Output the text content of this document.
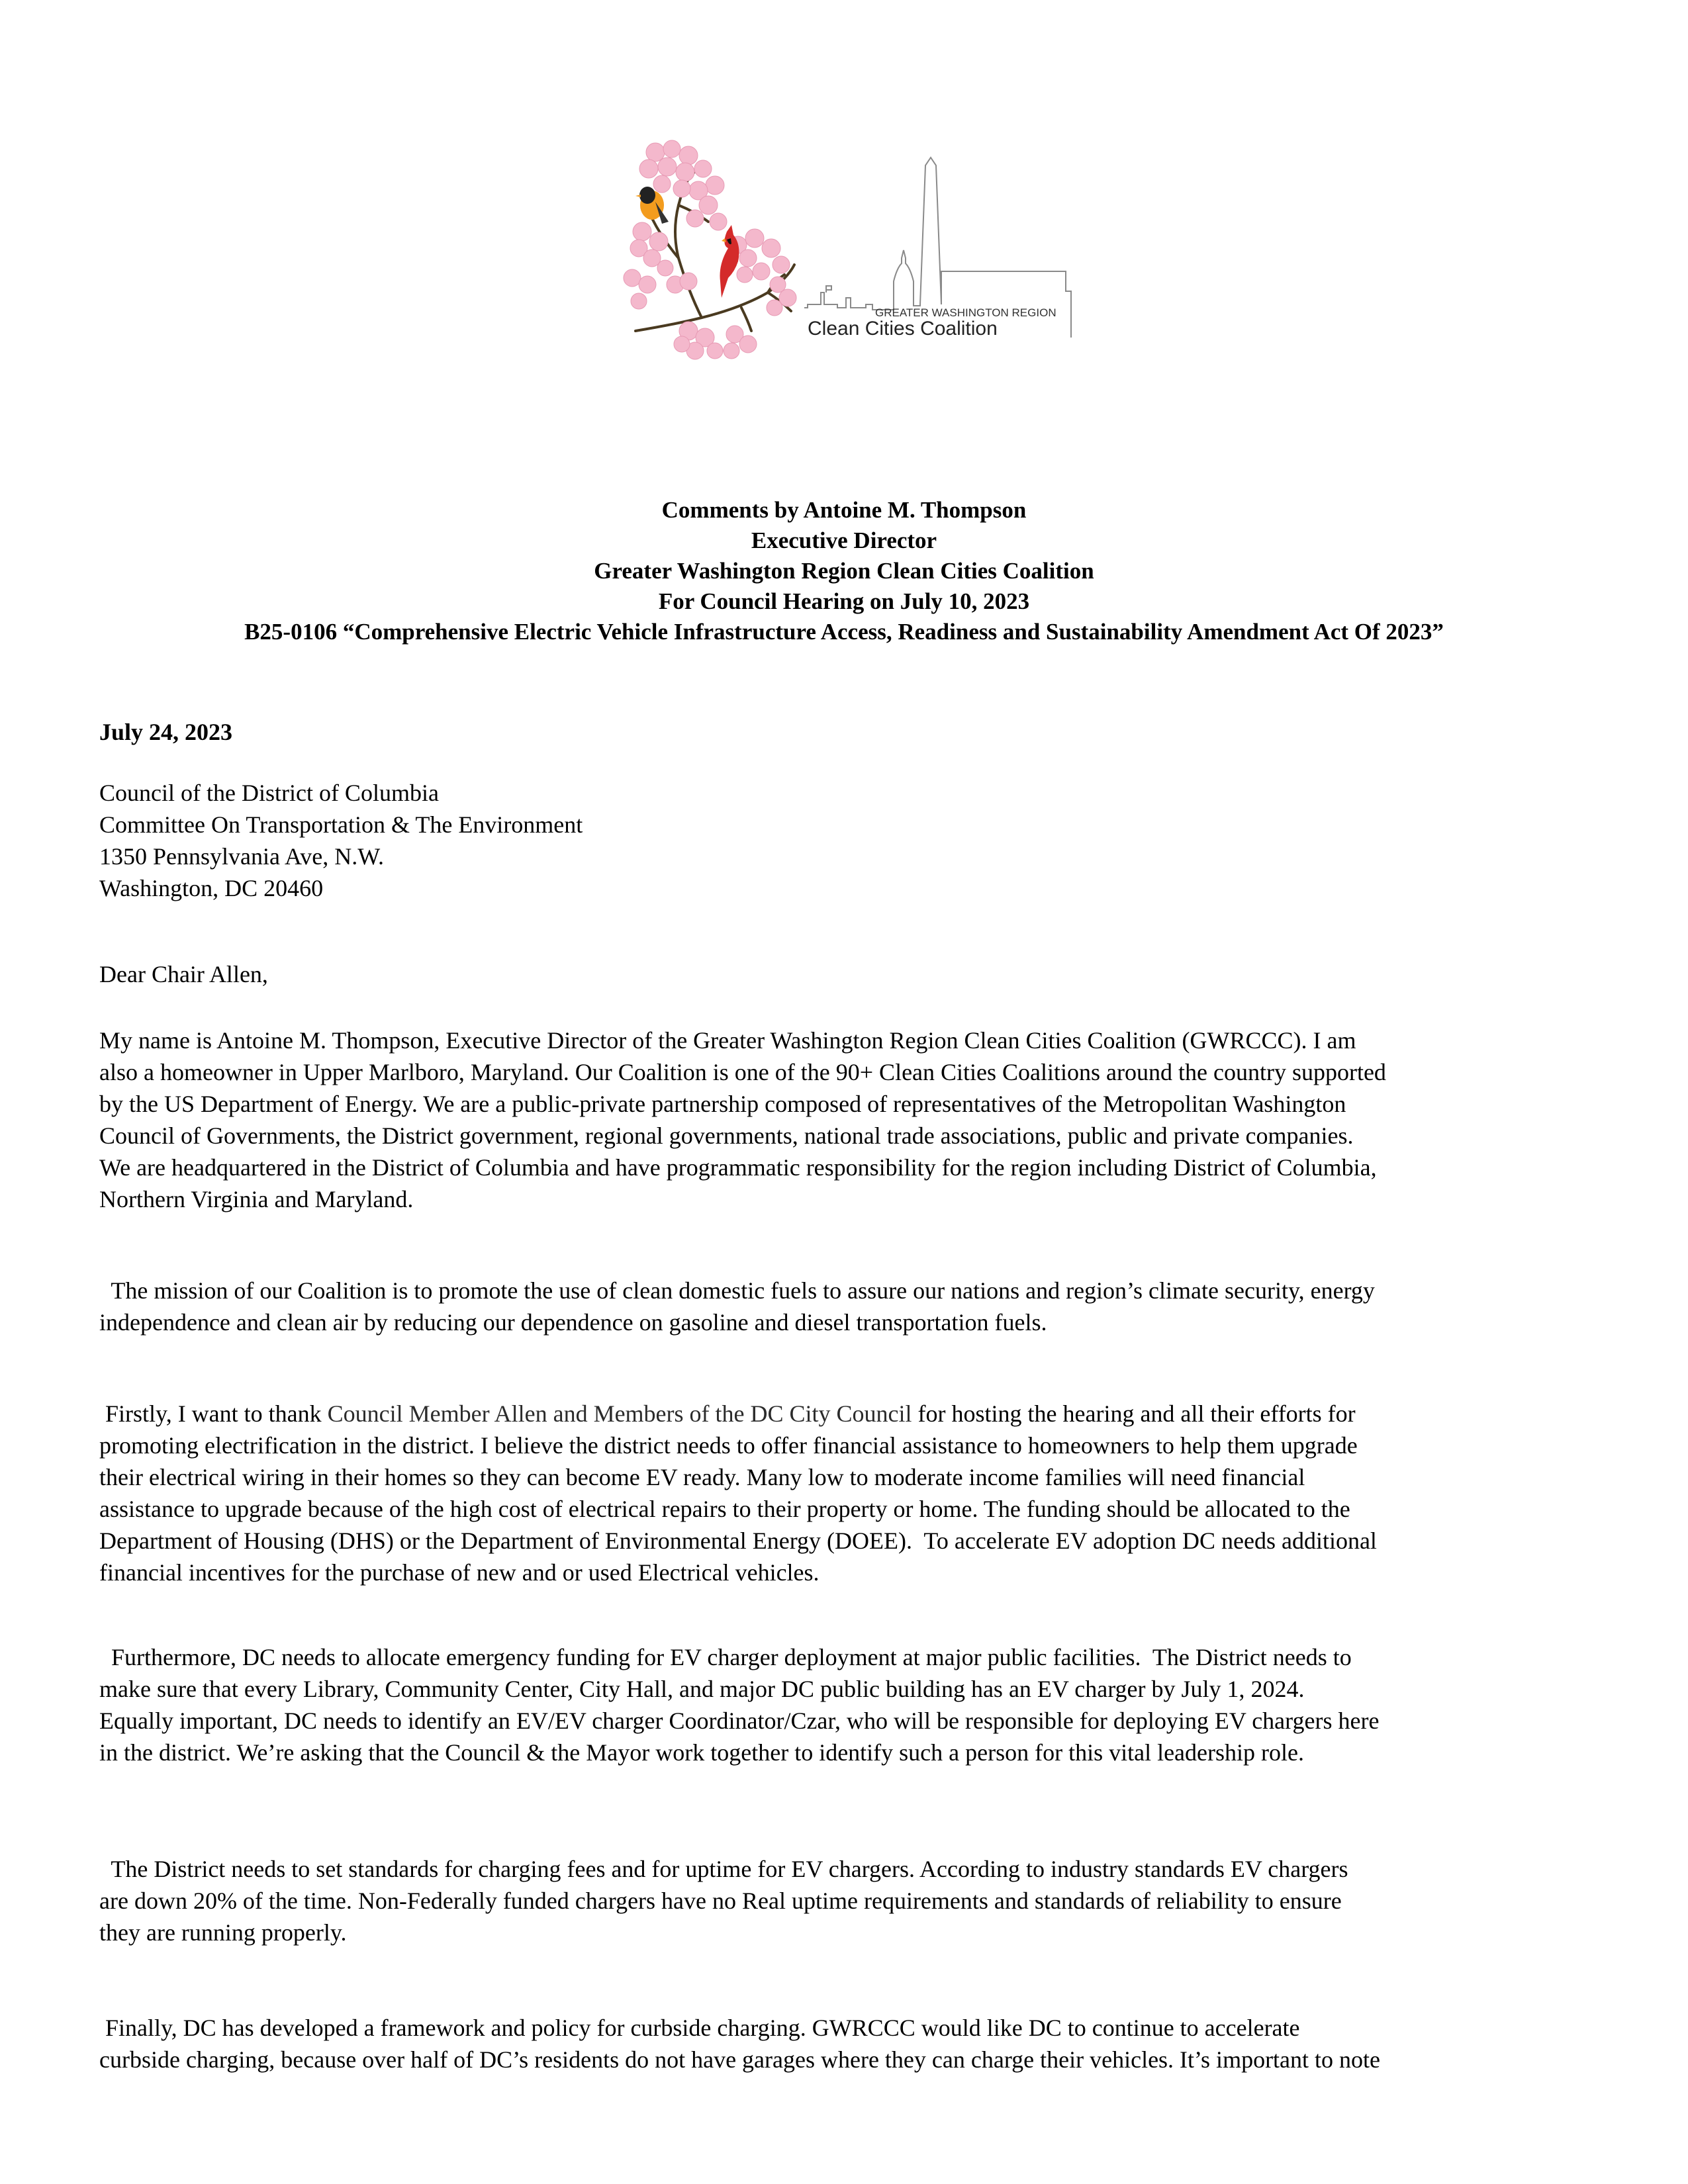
GREATER WASHINGTON REGION
Clean Cities Coalition
Comments by Antoine M. Thompson
Executive Director
Greater Washington Region Clean Cities Coalition
For Council Hearing on July 10, 2023
B25-0106 “Comprehensive Electric Vehicle Infrastructure Access, Readiness and Sustainability Amendment Act Of 2023”
July 24, 2023
Council of the District of Columbia
Committee On Transportation & The Environment
1350 Pennsylvania Ave, N.W.
Washington, DC 20460
Dear Chair Allen,
My name is Antoine M. Thompson, Executive Director of the Greater Washington Region Clean Cities Coalition (GWRCCC). I am
also a homeowner in Upper Marlboro, Maryland. Our Coalition is one of the 90+ Clean Cities Coalitions around the country supported
by the US Department of Energy. We are a public-private partnership composed of representatives of the Metropolitan Washington
Council of Governments, the District government, regional governments, national trade associations, public and private companies.
We are headquartered in the District of Columbia and have programmatic responsibility for the region including District of Columbia,
Northern Virginia and Maryland.
The mission of our Coalition is to promote the use of clean domestic fuels to assure our nations and region’s climate security, energy
independence and clean air by reducing our dependence on gasoline and diesel transportation fuels.
Firstly, I want to thank Council Member Allen and Members of the DC City Council for hosting the hearing and all their efforts for
promoting electrification in the district. I believe the district needs to offer financial assistance to homeowners to help them upgrade
their electrical wiring in their homes so they can become EV ready. Many low to moderate income families will need financial
assistance to upgrade because of the high cost of electrical repairs to their property or home. The funding should be allocated to the
Department of Housing (DHS) or the Department of Environmental Energy (DOEE).  To accelerate EV adoption DC needs additional
financial incentives for the purchase of new and or used Electrical vehicles.
Furthermore, DC needs to allocate emergency funding for EV charger deployment at major public facilities.  The District needs to
make sure that every Library, Community Center, City Hall, and major DC public building has an EV charger by July 1, 2024.
Equally important, DC needs to identify an EV/EV charger Coordinator/Czar, who will be responsible for deploying EV chargers here
in the district. We’re asking that the Council & the Mayor work together to identify such a person for this vital leadership role.
The District needs to set standards for charging fees and for uptime for EV chargers. According to industry standards EV chargers
are down 20% of the time. Non-Federally funded chargers have no Real uptime requirements and standards of reliability to ensure
they are running properly.
Finally, DC has developed a framework and policy for curbside charging. GWRCCC would like DC to continue to accelerate
curbside charging, because over half of DC’s residents do not have garages where they can charge their vehicles. It’s important to note
